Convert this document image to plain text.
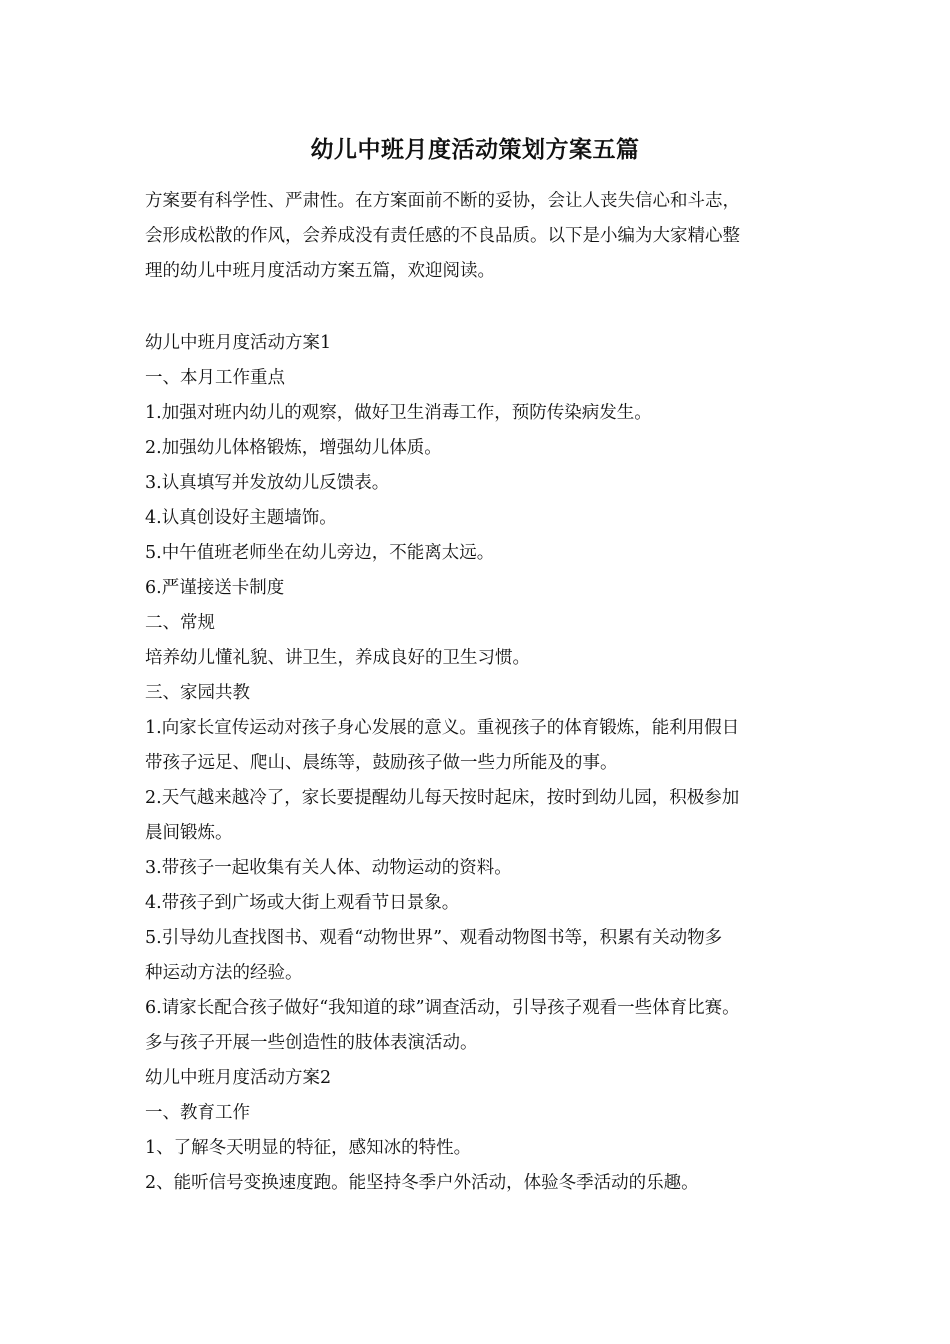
幼儿中班月度活动策划方案五篇

方案要有科学性、严肃性。在方案面前不断的妥协，会让人丧失信心和斗志，

会形成松散的作风，会养成没有责任感的不良品质。以下是小编为大家精心整

理的幼儿中班月度活动方案五篇，欢迎阅读。

幼儿中班月度活动方案1

一、本月工作重点

1.加强对班内幼儿的观察，做好卫生消毒工作，预防传染病发生。

2.加强幼儿体格锻炼，增强幼儿体质。

3.认真填写并发放幼儿反馈表。

4.认真创设好主题墙饰。

5.中午值班老师坐在幼儿旁边，不能离太远。

6.严谨接送卡制度

二、常规

培养幼儿懂礼貌、讲卫生，养成良好的卫生习惯。

三、家园共教

1.向家长宣传运动对孩子身心发展的意义。重视孩子的体育锻炼，能利用假日

带孩子远足、爬山、晨练等，鼓励孩子做一些力所能及的事。

2.天气越来越冷了，家长要提醒幼儿每天按时起床，按时到幼儿园，积极参加

晨间锻炼。

3.带孩子一起收集有关人体、动物运动的资料。

4.带孩子到广场或大街上观看节日景象。

5.引导幼儿查找图书、观看“动物世界”、观看动物图书等，积累有关动物多

种运动方法的经验。

6.请家长配合孩子做好“我知道的球”调查活动，引导孩子观看一些体育比赛。

多与孩子开展一些创造性的肢体表演活动。

幼儿中班月度活动方案2

一、教育工作

1、了解冬天明显的特征，感知冰的特性。

2、能听信号变换速度跑。能坚持冬季户外活动，体验冬季活动的乐趣。
